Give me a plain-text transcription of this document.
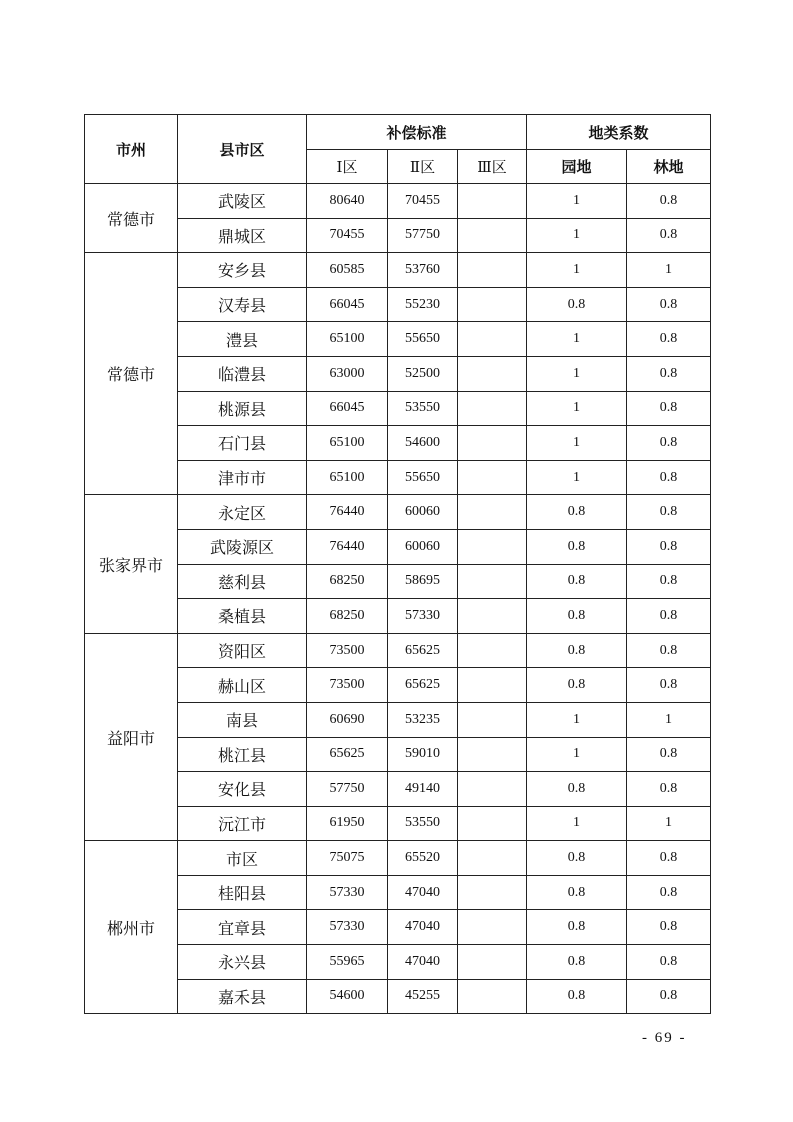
市州	县市区	补偿标准			地类系数	
		Ⅰ区	Ⅱ区	Ⅲ区	园地	林地
常德市	武陵区	80640	70455		1	0.8
	鼎城区	70455	57750		1	0.8
常德市	安乡县	60585	53760		1	1
	汉寿县	66045	55230		0.8	0.8
	澧县	65100	55650		1	0.8
	临澧县	63000	52500		1	0.8
	桃源县	66045	53550		1	0.8
	石门县	65100	54600		1	0.8
	津市市	65100	55650		1	0.8
张家界市	永定区	76440	60060		0.8	0.8
	武陵源区	76440	60060		0.8	0.8
	慈利县	68250	58695		0.8	0.8
	桑植县	68250	57330		0.8	0.8
益阳市	资阳区	73500	65625		0.8	0.8
	赫山区	73500	65625		0.8	0.8
	南县	60690	53235		1	1
	桃江县	65625	59010		1	0.8
	安化县	57750	49140		0.8	0.8
	沅江市	61950	53550		1	1
郴州市	市区	75075	65520		0.8	0.8
	桂阳县	57330	47040		0.8	0.8
	宜章县	57330	47040		0.8	0.8
	永兴县	55965	47040		0.8	0.8
	嘉禾县	54600	45255		0.8	0.8
- 69 -
